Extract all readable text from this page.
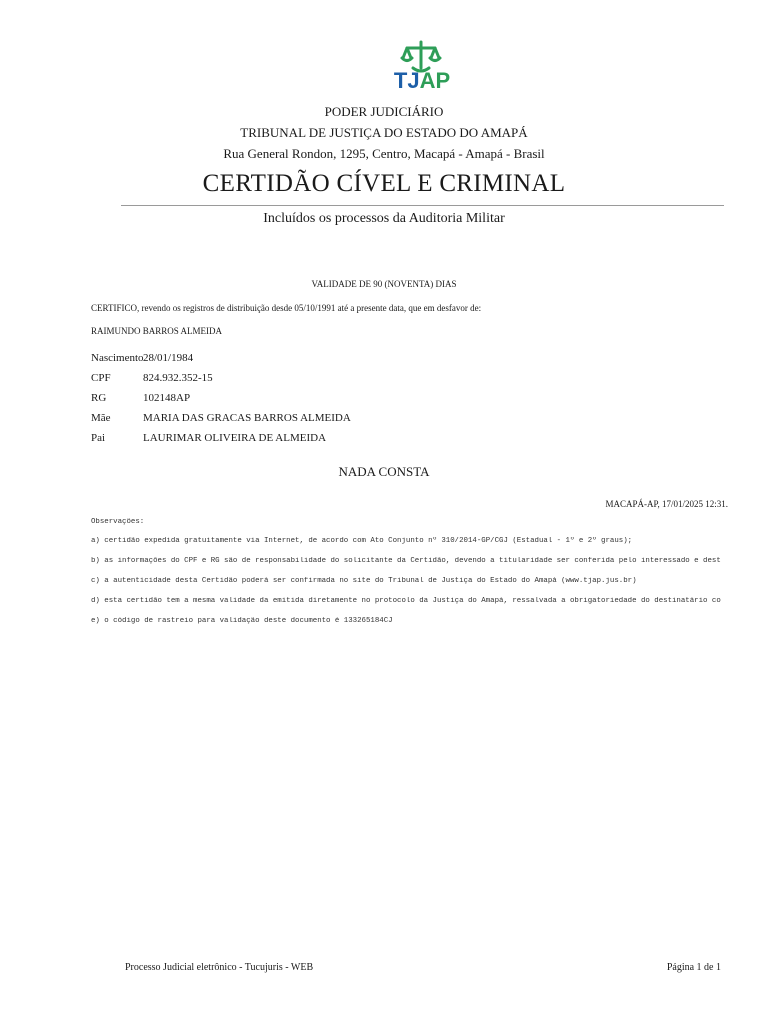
TJAP
PODER JUDICIÁRIO
TRIBUNAL DE JUSTIÇA DO ESTADO DO AMAPÁ
Rua General Rondon, 1295, Centro, Macapá - Amapá - Brasil
CERTIDÃO CÍVEL E CRIMINAL
Incluídos os processos da Auditoria Militar
VALIDADE DE 90 (NOVENTA) DIAS
CERTIFICO, revendo os registros de distribuição desde 05/10/1991 até a presente data, que em desfavor de:
RAIMUNDO BARROS ALMEIDA
Nascimento 28/01/1984
CPF	824.932.352-15
RG	102148AP
Mãe	MARIA DAS GRACAS BARROS ALMEIDA
Pai	LAURIMAR OLIVEIRA DE ALMEIDA
NADA CONSTA
MACAPÁ-AP, 17/01/2025 12:31.
Observações:
a) certidão expedida gratuitamente via Internet, de acordo com Ato Conjunto nº 310/2014-GP/CGJ (Estadual - 1º e 2º graus);
b) as informações do CPF e RG são de responsabilidade do solicitante da Certidão, devendo a titularidade ser conferida pelo interessado e dest
c) a autenticidade desta Certidão poderá ser confirmada no site do Tribunal de Justiça do Estado do Amapá (www.tjap.jus.br)
d) esta certidão tem a mesma validade da emitida diretamente no protocolo da Justiça do Amapá, ressalvada a obrigatoriedade do destinatário co
e) o código de rastreio para validação deste documento é 133265184CJ
Processo Judicial eletrônico - Tucujuris - WEB	Página 1 de 1
